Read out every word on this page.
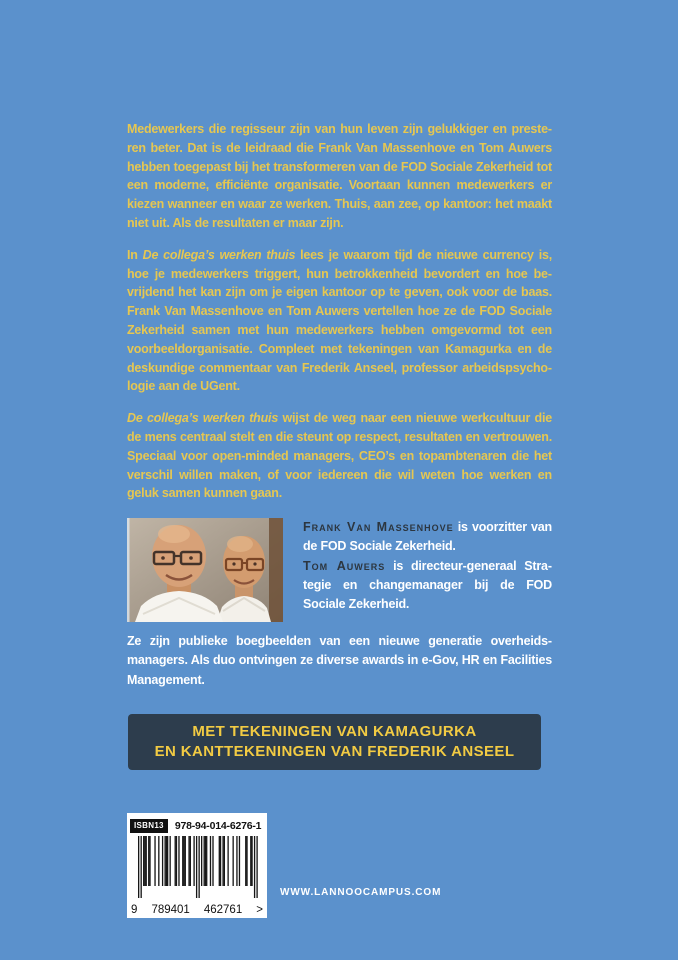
Medewerkers die regisseur zijn van hun leven zijn gelukkiger en presteren beter. Dat is de leidraad die Frank Van Massenhove en Tom Auwers hebben toegepast bij het transformeren van de FOD Sociale Zekerheid tot een moderne, efficiënte organisatie. Voortaan kunnen medewerkers er kiezen wanneer en waar ze werken. Thuis, aan zee, op kantoor: het maakt niet uit. Als de resultaten er maar zijn.

In De collega’s werken thuis lees je waarom tijd de nieuwe currency is, hoe je medewerkers triggert, hun betrokkenheid bevordert en hoe bevrijdend het kan zijn om je eigen kantoor op te geven, ook voor de baas. Frank Van Massenhove en Tom Auwers vertellen hoe ze de FOD Sociale Zekerheid samen met hun medewerkers hebben omgevormd tot een voorbeeldorganisatie. Compleet met tekeningen van Kamagurka en de deskundige commentaar van Frederik Anseel, professor arbeidspsychologie aan de UGent.

De collega’s werken thuis wijst de weg naar een nieuwe werkcultuur die de mens centraal stelt en die steunt op respect, resultaten en vertrouwen. Speciaal voor open-minded managers, CEO’s en topambtenaren die het verschil willen maken, of voor iedereen die wil weten hoe werken en geluk samen kunnen gaan.

Frank Van Massenhove is voorzitter van de FOD Sociale Zekerheid.

Tom Auwers is directeur-generaal Strategie en changemanager bij de FOD Sociale Zekerheid.

Ze zijn publieke boegbeelden van een nieuwe generatie overheidsmanagers. Als duo ontvingen ze diverse awards in e-Gov, HR en Facilities Management.

MET TEKENINGEN VAN KAMAGURKA
EN KANTTEKENINGEN VAN FREDERIK ANSEEL
ISBN13	978-94-014-6276-1
9 789401 462761 >

WWW.LANNOOCAMPUS.COM
